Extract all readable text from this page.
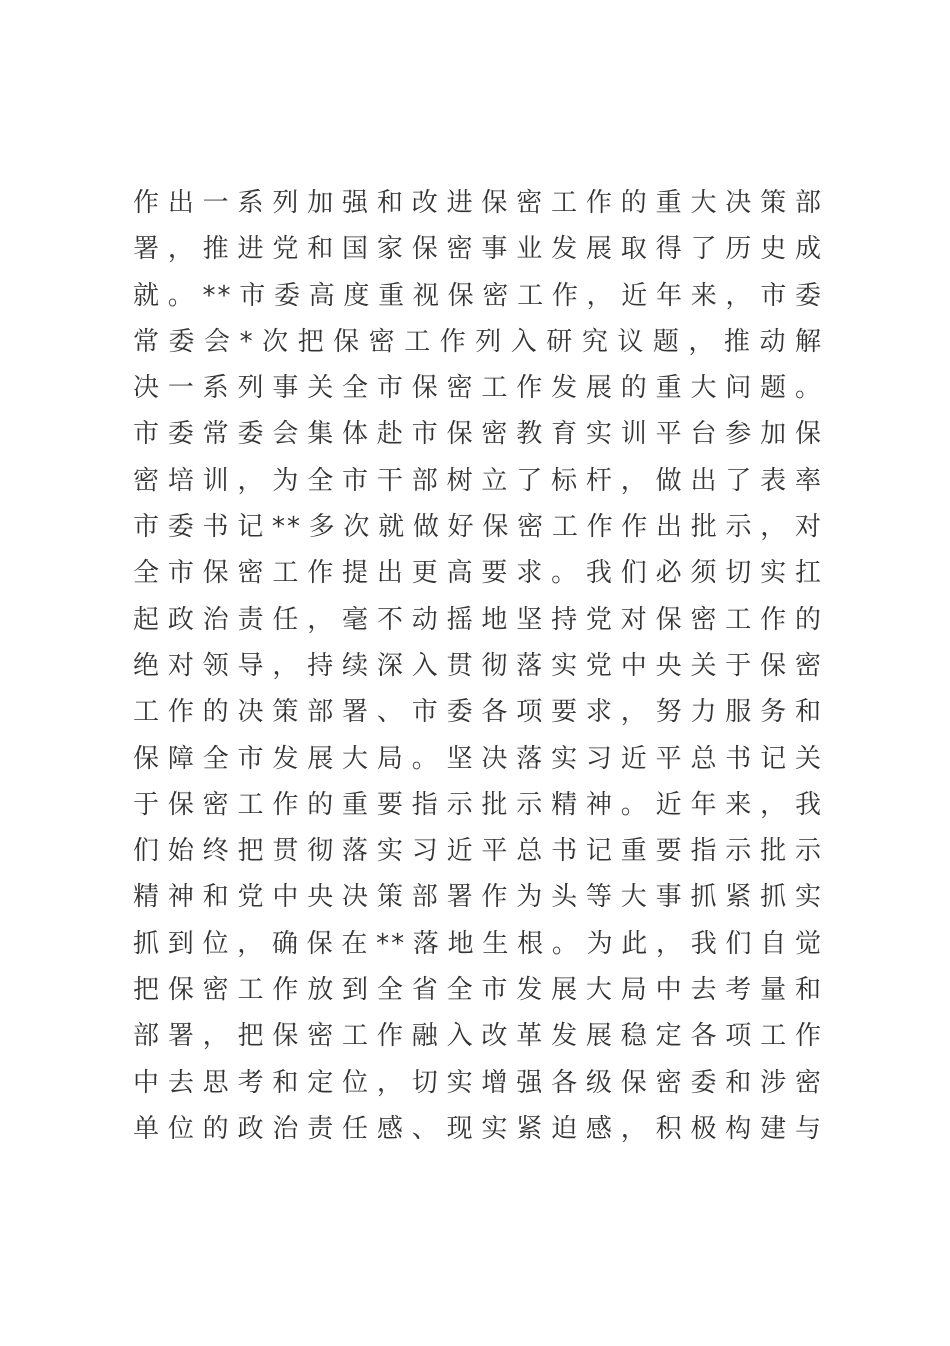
作出一系列加强和改进保密工作的重大决策部
署，推进党和国家保密事业发展取得了历史成
就。**市委高度重视保密工作，近年来，市委
常委会*次把保密工作列入研究议题，推动解
决一系列事关全市保密工作发展的重大问题。
市委常委会集体赴市保密教育实训平台参加保
密培训，为全市干部树立了标杆，做出了表率
市委书记**多次就做好保密工作作出批示，对
全市保密工作提出更高要求。我们必须切实扛
起政治责任，毫不动摇地坚持党对保密工作的
绝对领导，持续深入贯彻落实党中央关于保密
工作的决策部署、市委各项要求，努力服务和
保障全市发展大局。坚决落实习近平总书记关
于保密工作的重要指示批示精神。近年来，我
们始终把贯彻落实习近平总书记重要指示批示
精神和党中央决策部署作为头等大事抓紧抓实
抓到位，确保在**落地生根。为此，我们自觉
把保密工作放到全省全市发展大局中去考量和
部署，把保密工作融入改革发展稳定各项工作
中去思考和定位，切实增强各级保密委和涉密
单位的政治责任感、现实紧迫感，积极构建与
